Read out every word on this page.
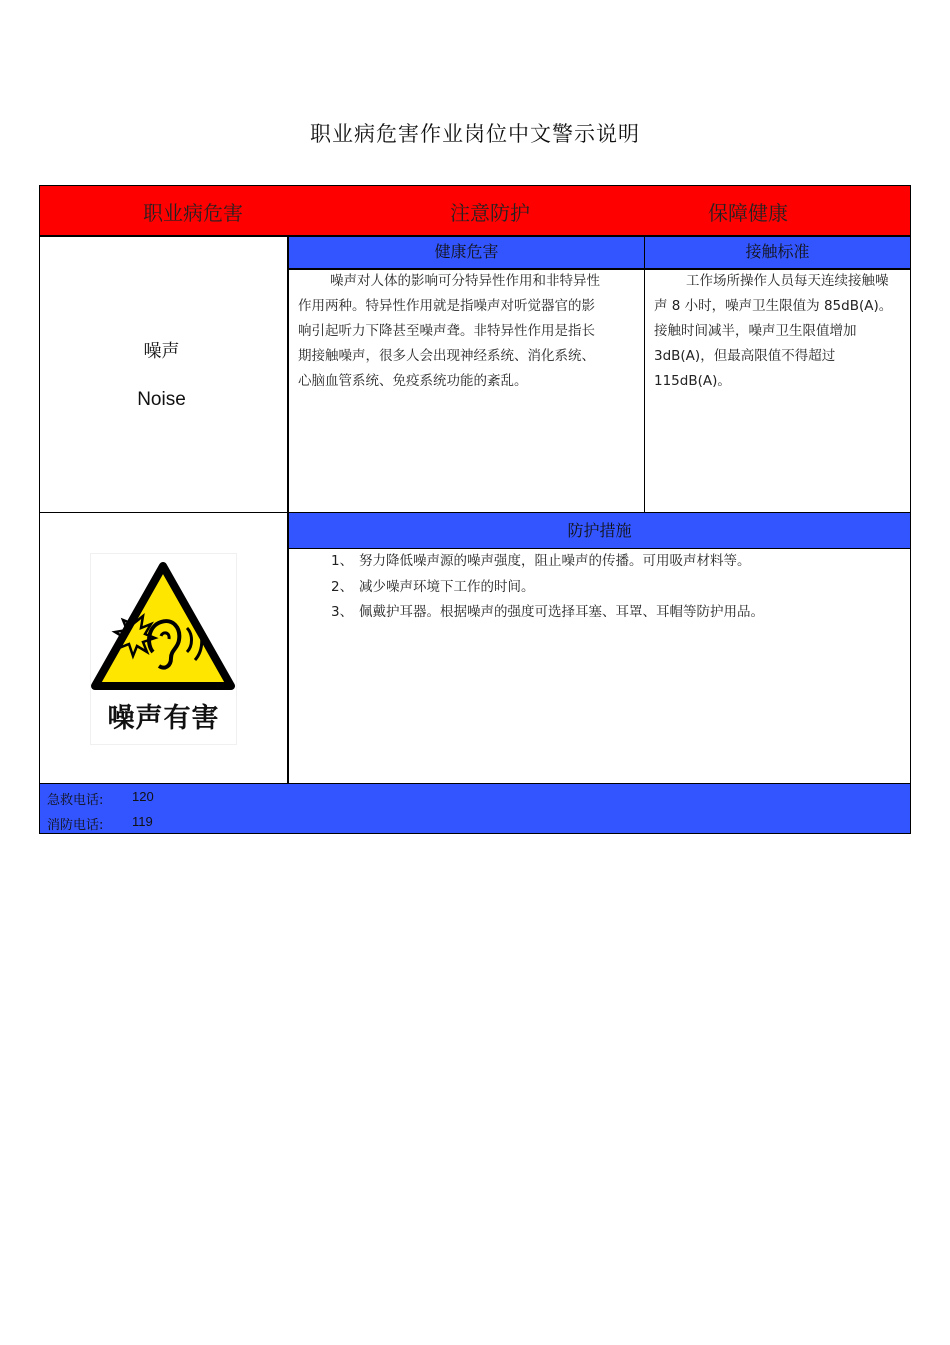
职业病危害作业岗位中文警示说明
职业病危害	注意防护	保障健康
噪声
Noise
健康危害
噪声对人体的影响可分特异性作用和非特异性作用两种。特异性作用就是指噪声对听觉器官的影响引起听力下降甚至噪声聋。非特异性作用是指长期接触噪声，很多人会出现神经系统、消化系统、心脑血管系统、免疫系统功能的紊乱。
接触标准
工作场所操作人员每天连续接触噪声 8 小时，噪声卫生限值为 85dB(A)。接触时间减半，噪声卫生限值增加 3dB(A)，但最高限值不得超过 115dB(A)。
噪声有害
防护措施
1、 努力降低噪声源的噪声强度，阻止噪声的传播。可用吸声材料等。
2、 减少噪声环境下工作的时间。
3、 佩戴护耳器。根据噪声的强度可选择耳塞、耳罩、耳帽等防护用品。
急救电话: 120
消防电话: 119
